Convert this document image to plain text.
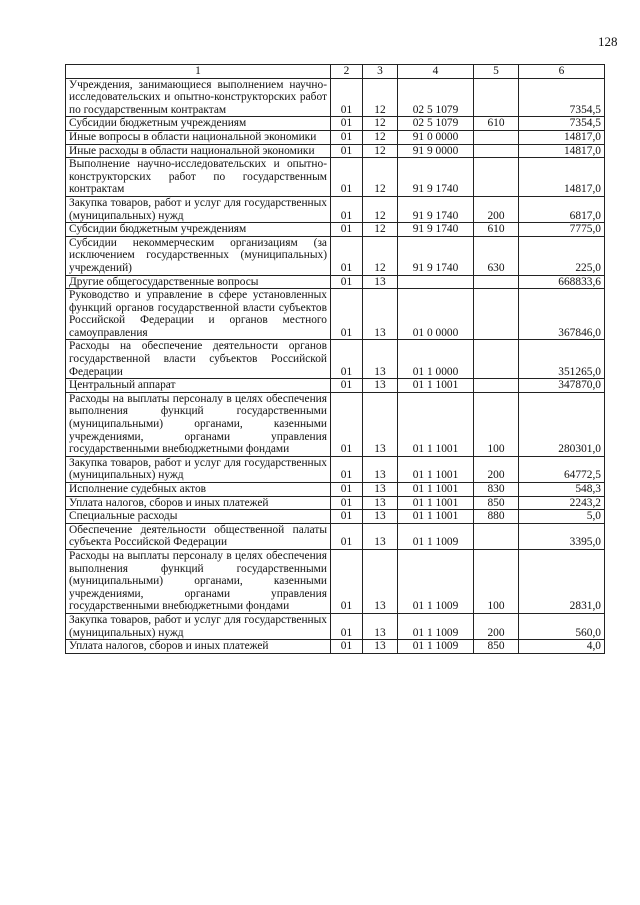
128
1	2	3	4	5	6
Учреждения, занимающиеся выполнением научно-исследовательских и опытно-конструкторских работ по государственным контрактам	01	12	02 5 1079		7354,5
Субсидии бюджетным учреждениям	01	12	02 5 1079	610	7354,5
Иные вопросы в области национальной экономики	01	12	91 0 0000		14817,0
Иные расходы в области национальной экономики	01	12	91 9 0000		14817,0
Выполнение научно-исследовательских и опытно-конструкторских работ по государственным контрактам	01	12	91 9 1740		14817,0
Закупка товаров, работ и услуг для государственных (муниципальных) нужд	01	12	91 9 1740	200	6817,0
Субсидии бюджетным учреждениям	01	12	91 9 1740	610	7775,0
Субсидии некоммерческим организациям (за исключением государственных (муниципальных) учреждений)	01	12	91 9 1740	630	225,0
Другие общегосударственные вопросы	01	13			668833,6
Руководство и управление в сфере установленных функций органов государственной власти субъектов Российской Федерации и органов местного самоуправления	01	13	01 0 0000		367846,0
Расходы на обеспечение деятельности органов государственной власти субъектов Российской Федерации	01	13	01 1 0000		351265,0
Центральный аппарат	01	13	01 1 1001		347870,0
Расходы на выплаты персоналу в целях обеспечения выполнения функций государственными (муниципальными) органами, казенными учреждениями, органами управления государственными внебюджетными фондами	01	13	01 1 1001	100	280301,0
Закупка товаров, работ и услуг для государственных (муниципальных) нужд	01	13	01 1 1001	200	64772,5
Исполнение судебных актов	01	13	01 1 1001	830	548,3
Уплата налогов, сборов и иных платежей	01	13	01 1 1001	850	2243,2
Специальные расходы	01	13	01 1 1001	880	5,0
Обеспечение деятельности общественной палаты субъекта Российской Федерации	01	13	01 1 1009		3395,0
Расходы на выплаты персоналу в целях обеспечения выполнения функций государственными (муниципальными) органами, казенными учреждениями, органами управления государственными внебюджетными фондами	01	13	01 1 1009	100	2831,0
Закупка товаров, работ и услуг для государственных (муниципальных) нужд	01	13	01 1 1009	200	560,0
Уплата налогов, сборов и иных платежей	01	13	01 1 1009	850	4,0
